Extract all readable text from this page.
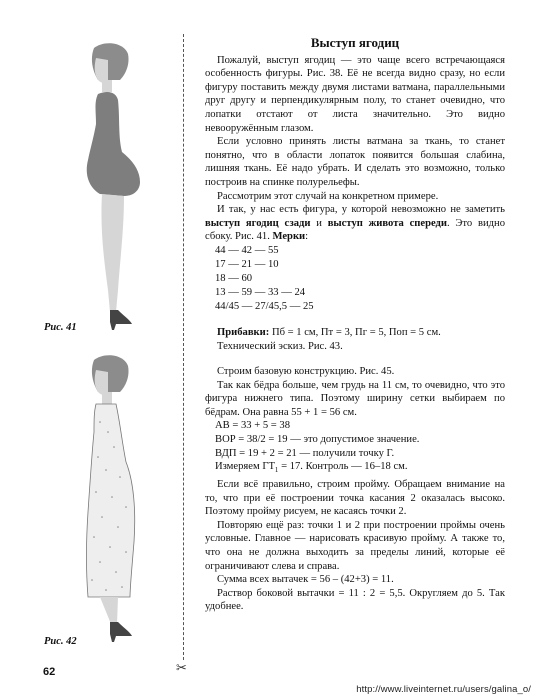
Рис. 41
Рис. 42
62	✂
Выступ ягодиц

Пожалуй, выступ ягодиц — это чаще всего встречающаяся особенность фигуры. Рис. 38. Её не всегда видно сразу, но если фигуру поставить между двумя листами ватмана, параллельными друг другу и перпендикулярным полу, то станет очевидно, что лопатки отстают от листа значительно. Это видно невооружённым глазом.

Если условно принять листы ватмана за ткань, то станет понятно, что в области лопаток появится большая слабина, лишняя ткань. Её надо убрать. И сделать это возможно, только построив на спинке полурельефы.

Рассмотрим этот случай на конкретном примере.

И так, у нас есть фигура, у которой невозможно не заметить выступ ягодиц сзади и выступ живота спереди. Это видно сбоку. Рис. 41. Мерки:

44 — 42 — 55
17 — 21 — 10
18 — 60
13 — 59 — 33 — 24
44/45 — 27/45,5 — 25

Прибавки: Пб = 1 см, Пт = 3, Пг = 5, Поп = 5 см.

Технический эскиз. Рис. 43.

Строим базовую конструкцию. Рис. 45.

Так как бёдра больше, чем грудь на 11 см, то очевидно, что это фигура нижнего типа. Поэтому ширину сетки выбираем по бёдрам. Она равна 55 + 1 = 56 см.

АВ = 33 + 5 = 38

ВОР = 38/2 = 19 — это допустимое значение.

ВДП = 19 + 2 = 21 — получили точку Г.

Измеряем $ГТ_1 = 17$. Контроль — 16–18 см.

Если всё правильно, строим пройму. Обращаем внимание на то, что при её построении точка касания 2 оказалась высоко. Поэтому пройму рисуем, не касаясь точки 2.

Повторяю ещё раз: точки 1 и 2 при построении проймы очень условные. Главное — нарисовать красивую пройму. А также то, что она не должна выходить за пределы линий, которые её ограничивают слева и справа.

Сумма всех вытачек = 56 – (42+3) = 11.

Раствор боковой вытачки = 11 : 2 = 5,5. Округляем до 5. Так удобнее.

http://www.liveinternet.ru/users/galina_o/
